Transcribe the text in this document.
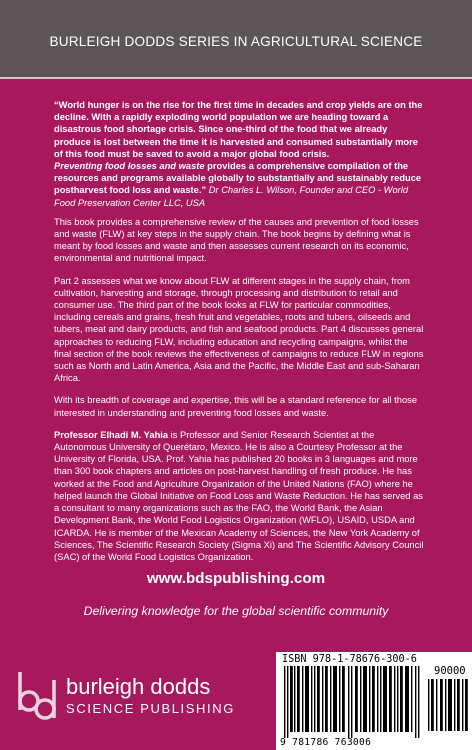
BURLEIGH DODDS SERIES IN AGRICULTURAL SCIENCE
“World hunger is on the rise for the first time in decades and crop yields are on the decline. With a rapidly exploding world population we are heading toward a disastrous food shortage crisis. Since one-third of the food that we already produce is lost between the time it is harvested and consumed substantially more of this food must be saved to avoid a major global food crisis.
Preventing food losses and waste provides a comprehensive compilation of the resources and programs available globally to substantially and sustainably reduce postharvest food loss and waste.” Dr Charles L. Wilson, Founder and CEO - World Food Preservation Center LLC, USA

This book provides a comprehensive review of the causes and prevention of food losses and waste (FLW) at key steps in the supply chain. The book begins by defining what is meant by food losses and waste and then assesses current research on its economic, environmental and nutritional impact.

Part 2 assesses what we know about FLW at different stages in the supply chain, from cultivation, harvesting and storage, through processing and distribution to retail and consumer use. The third part of the book looks at FLW for particular commodities, including cereals and grains, fresh fruit and vegetables, roots and tubers, oilseeds and tubers, meat and dairy products, and fish and seafood products. Part 4 discusses general approaches to reducing FLW, including education and recycling campaigns, whilst the final section of the book reviews the effectiveness of campaigns to reduce FLW in regions such as North and Latin America, Asia and the Pacific, the Middle East and sub-Saharan Africa.

With its breadth of coverage and expertise, this will be a standard reference for all those interested in understanding and preventing food losses and waste.

Professor Elhadi M. Yahia is Professor and Senior Research Scientist at the Autonomous University of Querétaro, Mexico. He is also a Courtesy Professor at the University of Florida, USA. Prof. Yahia has published 20 books in 3 languages and more than 300 book chapters and articles on post-harvest handling of fresh produce. He has worked at the Food and Agriculture Organization of the United Nations (FAO) where he helped launch the Global Initiative on Food Loss and Waste Reduction. He has served as a consultant to many organizations such as the FAO, the World Bank, the Asian Development Bank, the World Food Logistics Organization (WFLO), USAID, USDA and ICARDA. He is member of the Mexican Academy of Sciences, the New York Academy of Sciences, The Scientific Research Society (Sigma Xi) and The Scientific Advisory Council (SAC) of the World Food Logistics Organization.

www.bdspublishing.com
Delivering knowledge for the global scientific community
burleigh dodds
SCIENCE PUBLISHING
ISBN 978-1-78676-300-6
90000
9 781786 763006
